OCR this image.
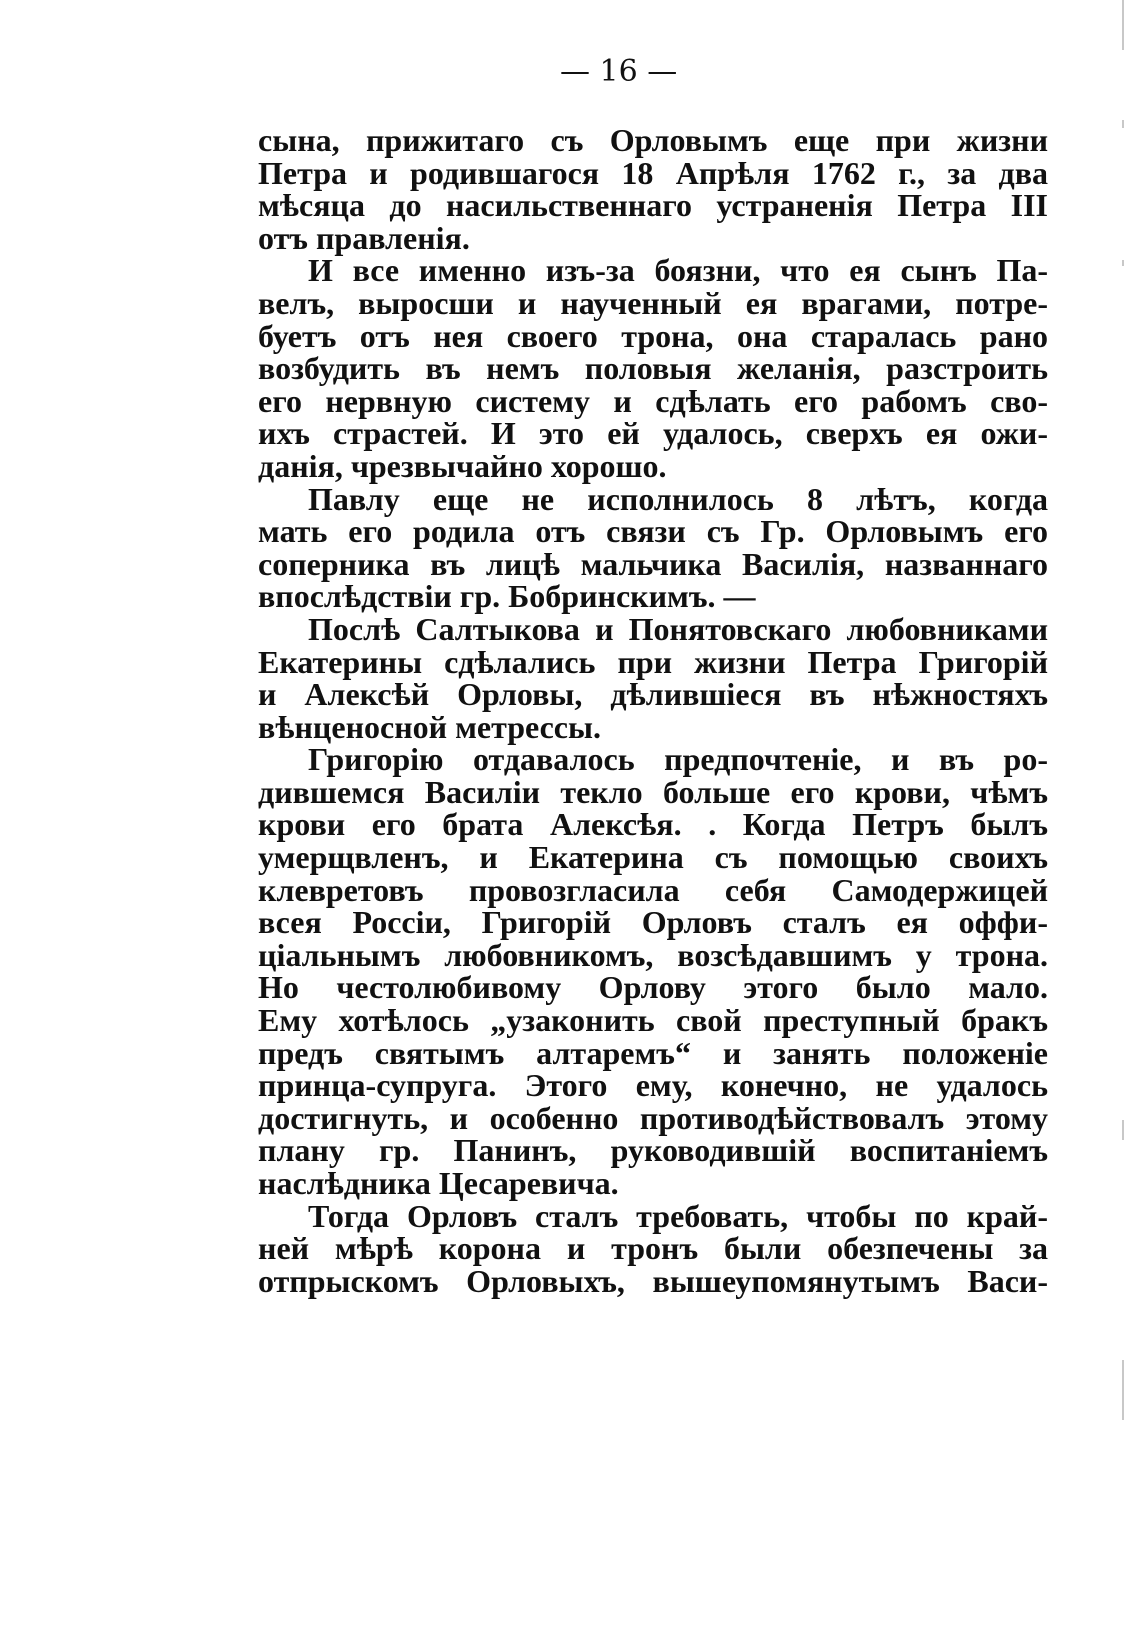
— 16 —
сына, прижитаго съ Орловымъ еще при жизни
Петра и родившагося 18 Апрѣля 1762 г., за два
мѣсяца до насильственнаго устраненія Петра III
отъ правленія.
И все именно изъ-за боязни, что ея сынъ Па-
велъ, выросши и наученный ея врагами, потре-
буетъ отъ нея своего трона, она старалась рано
возбудить въ немъ половыя желанія, разстроить
его нервную систему и сдѣлать его рабомъ сво-
ихъ страстей. И это ей удалось, сверхъ ея ожи-
данія, чрезвычайно хорошо.
Павлу еще не исполнилось 8 лѣтъ, когда
мать его родила отъ связи съ Гр. Орловымъ его
соперника въ лицѣ мальчика Василія, названнаго
впослѣдствіи гр. Бобринскимъ. —
Послѣ Салтыкова и Понятовскаго любовниками
Екатерины сдѣлались при жизни Петра Григорій
и Алексѣй Орловы, дѣлившіеся въ нѣжностяхъ
вѣнценосной метрессы.
Григорію отдавалось предпочтеніе, и въ ро-
дившемся Василіи текло больше его крови, чѣмъ
крови его брата Алексѣя. . Когда Петръ былъ
умерщвленъ, и Екатерина съ помощью своихъ
клевретовъ провозгласила себя Самодержицей
всея Россіи, Григорій Орловъ сталъ ея оффи-
ціальнымъ любовникомъ, возсѣдавшимъ у трона.
Но честолюбивому Орлову этого было мало.
Ему хотѣлось „узаконить свой преступный бракъ
предъ святымъ алтаремъ“ и занять положеніе
принца-супруга. Этого ему, конечно, не удалось
достигнуть, и особенно противодѣйствовалъ этому
плану гр. Панинъ, руководившій воспитаніемъ
наслѣдника Цесаревича.
Тогда Орловъ сталъ требовать, чтобы по край-
ней мѣрѣ корона и тронъ были обезпечены за
отпрыскомъ Орловыхъ, вышеупомянутымъ Васи-
